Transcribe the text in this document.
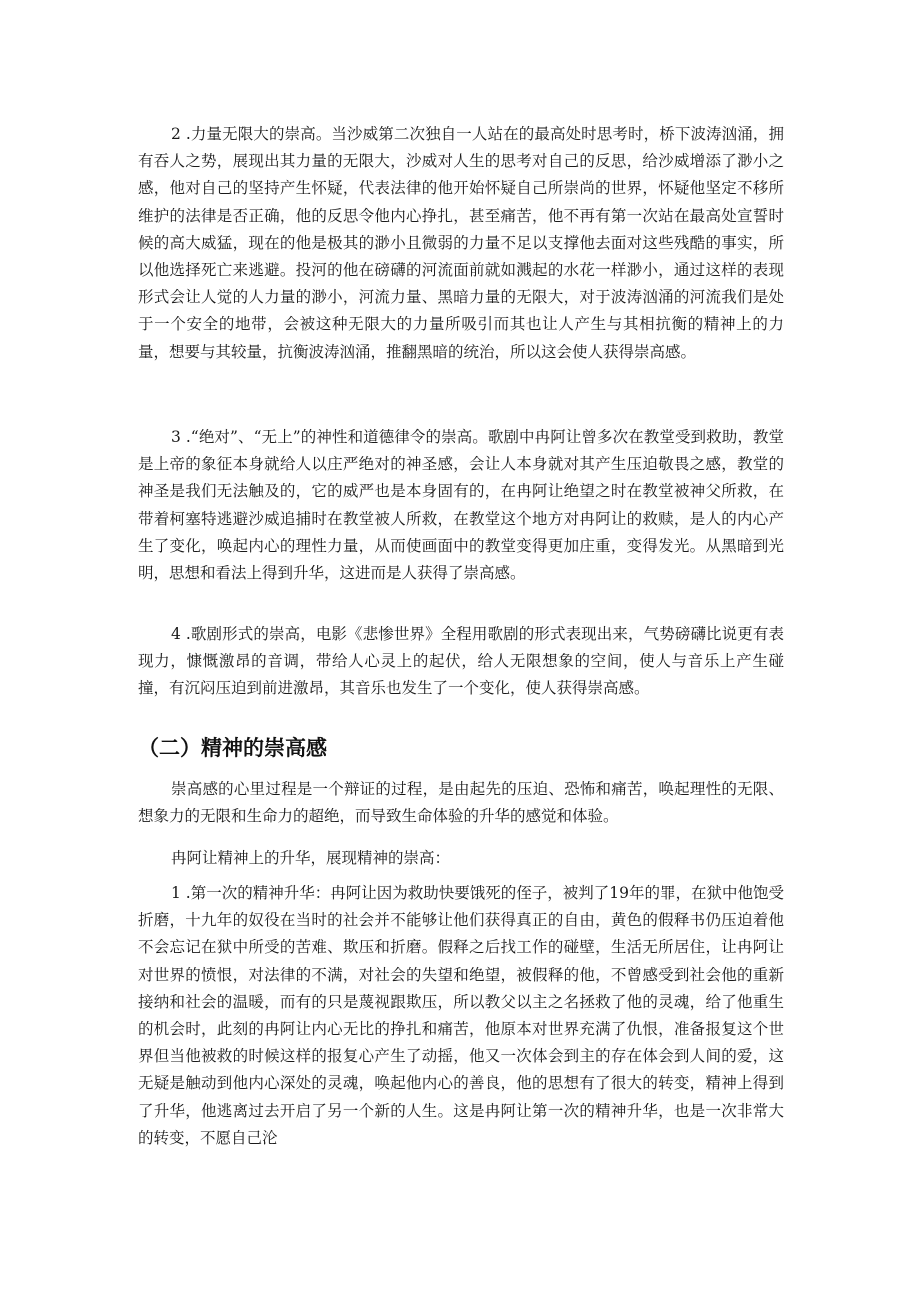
2 .力量无限大的崇高。当沙威第二次独自一人站在的最高处时思考时，桥下波涛汹涌，拥有吞人之势，展现出其力量的无限大，沙威对人生的思考对自己的反思，给沙威增添了渺小之感，他对自己的坚持产生怀疑，代表法律的他开始怀疑自己所崇尚的世界，怀疑他坚定不移所维护的法律是否正确，他的反思令他内心挣扎，甚至痛苦，他不再有第一次站在最高处宣誓时候的高大威猛，现在的他是极其的渺小且微弱的力量不足以支撑他去面对这些残酷的事实，所以他选择死亡来逃避。投河的他在磅礴的河流面前就如溅起的水花一样渺小，通过这样的表现形式会让人觉的人力量的渺小，河流力量、黑暗力量的无限大，对于波涛汹涌的河流我们是处于一个安全的地带，会被这种无限大的力量所吸引而其也让人产生与其相抗衡的精神上的力量，想要与其较量，抗衡波涛汹涌，推翻黑暗的统治，所以这会使人获得崇高感。

3 .“绝对”、“无上”的神性和道德律令的崇高。歌剧中冉阿让曾多次在教堂受到救助，教堂是上帝的象征本身就给人以庄严绝对的神圣感，会让人本身就对其产生压迫敬畏之感，教堂的神圣是我们无法触及的，它的威严也是本身固有的，在冉阿让绝望之时在教堂被神父所救，在带着柯塞特逃避沙威追捕时在教堂被人所救，在教堂这个地方对冉阿让的救赎，是人的内心产生了变化，唤起内心的理性力量，从而使画面中的教堂变得更加庄重，变得发光。从黑暗到光明，思想和看法上得到升华，这进而是人获得了崇高感。

4 .歌剧形式的崇高，电影《悲惨世界》全程用歌剧的形式表现出来，气势磅礴比说更有表现力，慷慨激昂的音调，带给人心灵上的起伏，给人无限想象的空间，使人与音乐上产生碰撞，有沉闷压迫到前进激昂，其音乐也发生了一个变化，使人获得崇高感。

（二）精神的崇高感

崇高感的心里过程是一个辩证的过程，是由起先的压迫、恐怖和痛苦，唤起理性的无限、想象力的无限和生命力的超绝，而导致生命体验的升华的感觉和体验。

冉阿让精神上的升华，展现精神的崇高：

1 .第一次的精神升华：冉阿让因为救助快要饿死的侄子，被判了19年的罪，在狱中他饱受折磨，十九年的奴役在当时的社会并不能够让他们获得真正的自由，黄色的假释书仍压迫着他不会忘记在狱中所受的苦难、欺压和折磨。假释之后找工作的碰壁，生活无所居住，让冉阿让对世界的愤恨，对法律的不满，对社会的失望和绝望，被假释的他，不曾感受到社会他的重新接纳和社会的温暖，而有的只是蔑视跟欺压，所以教父以主之名拯救了他的灵魂，给了他重生的机会时，此刻的冉阿让内心无比的挣扎和痛苦，他原本对世界充满了仇恨，准备报复这个世界但当他被救的时候这样的报复心产生了动摇，他又一次体会到主的存在体会到人间的爱，这无疑是触动到他内心深处的灵魂，唤起他内心的善良，他的思想有了很大的转变，精神上得到了升华，他逃离过去开启了另一个新的人生。这是冉阿让第一次的精神升华，也是一次非常大的转变，不愿自己沦
